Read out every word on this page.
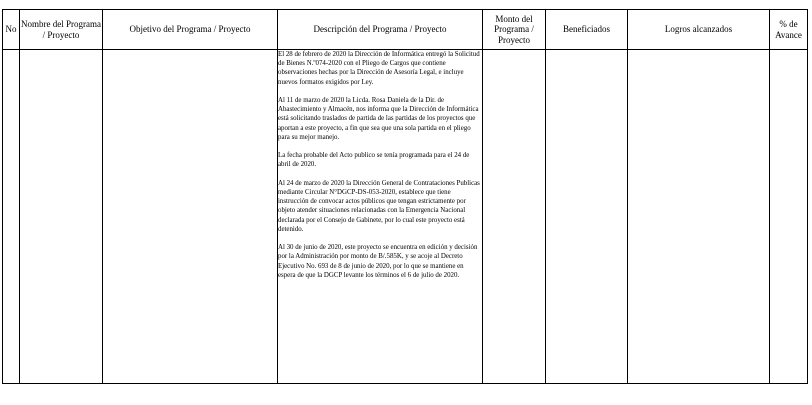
No	Nombre del Programa / Proyecto	Objetivo del Programa / Proyecto	Descripción del Programa / Proyecto	Monto del Programa / Proyecto	Beneficiados	Logros alcanzados	% de Avance

			El 28 de febrero de 2020 la Dirección de Informática entregó la Solicitud de Bienes N.º074-2020 con el Pliego de Cargos que contiene observaciones hechas por la Dirección de Asesoría Legal, e incluye nuevos formatos exigidos por Ley.
Al 11 de marzo de 2020 la Licda. Rosa Daniela de la Dir. de Abastecimiento y Almacén, nos informa que la Dirección de Informática está solicitando traslados de partida de las partidas de los proyectos que aportan a este proyecto, a fin que sea que una sola partida en el pliego para su mejor manejo.
La fecha probable del Acto publico se tenía programada para el 24 de abril de 2020.
Al 24 de marzo de 2020 la Dirección General de Contrataciones Publicas mediante Circular N°DGCP-DS-053-2020, establece que tiene instrucción de convocar actos públicos que tengan estrictamente por objeto atender situaciones relacionadas con la Emergencia Nacional declarada por el Consejo de Gabinete, por lo cual este proyecto está detenido.
Al 30 de junio de 2020, este proyecto se encuentra en edición y decisión por la Administración por monto de B/.585K, y se acoje al Decreto Ejecutivo No. 693 de 8 de junio de 2020, por lo que se mantiene en espera de que la DGCP levante los términos el 6 de julio de 2020.				
